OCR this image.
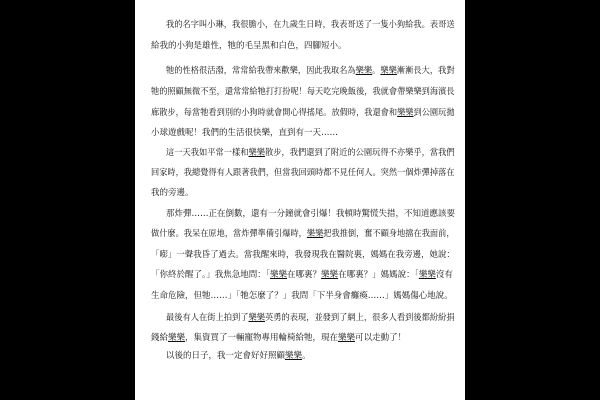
我的名字叫小琳，我很膽小，在九歲生日時，我表哥送了一隻小狗給我。表哥送
給我的小狗是雄性，牠的毛呈黑和白色，四腳短小。
牠的性格很活潑，常常給我帶來歡樂，因此我取名為樂樂。樂樂漸漸長大，我對
牠的照顧無微不至，還常常給牠打打扮呢！每天吃完晚飯後，我就會帶樂樂到海濱長
廊散步，每當牠看到別的小狗時就會開心得搖尾。放假時，我還會和樂樂到公園玩拋
小球遊戲呢！我們的生活很快樂，直到有一天……
這一天我如平常一樣和樂樂散步，我們還到了附近的公園玩得不亦樂乎，當我們
回家時，我總覺得有人跟著我們，但當我回頭時都不見任何人。突然一個炸彈掉落在
我的旁邊。
那炸彈……正在倒數，還有一分鐘就會引爆！我頓時驚慌失措，不知道應該要
做什麼。我呆在原地，當炸彈準備引爆時，樂樂把我推倒，奮不顧身地擋在我面前，
「嘭」一聲我昏了過去。當我醒來時，我發現我在醫院裏，媽媽在我旁邊，她說：
「你終於醒了。」我焦急地問：「樂樂在哪裏？樂樂在哪裏？」媽媽說：「樂樂沒有
生命危險，但牠……」「牠怎麼了？」我問「下半身會癱瘓……」媽媽傷心地說。
最後有人在街上拍到了樂樂英勇的表現，並發到了網上，很多人看到後都紛紛捐
錢給樂樂，集資買了一輛寵物專用輪椅給牠，現在樂樂可以走動了！
以後的日子，我一定會好好照顧樂樂。
